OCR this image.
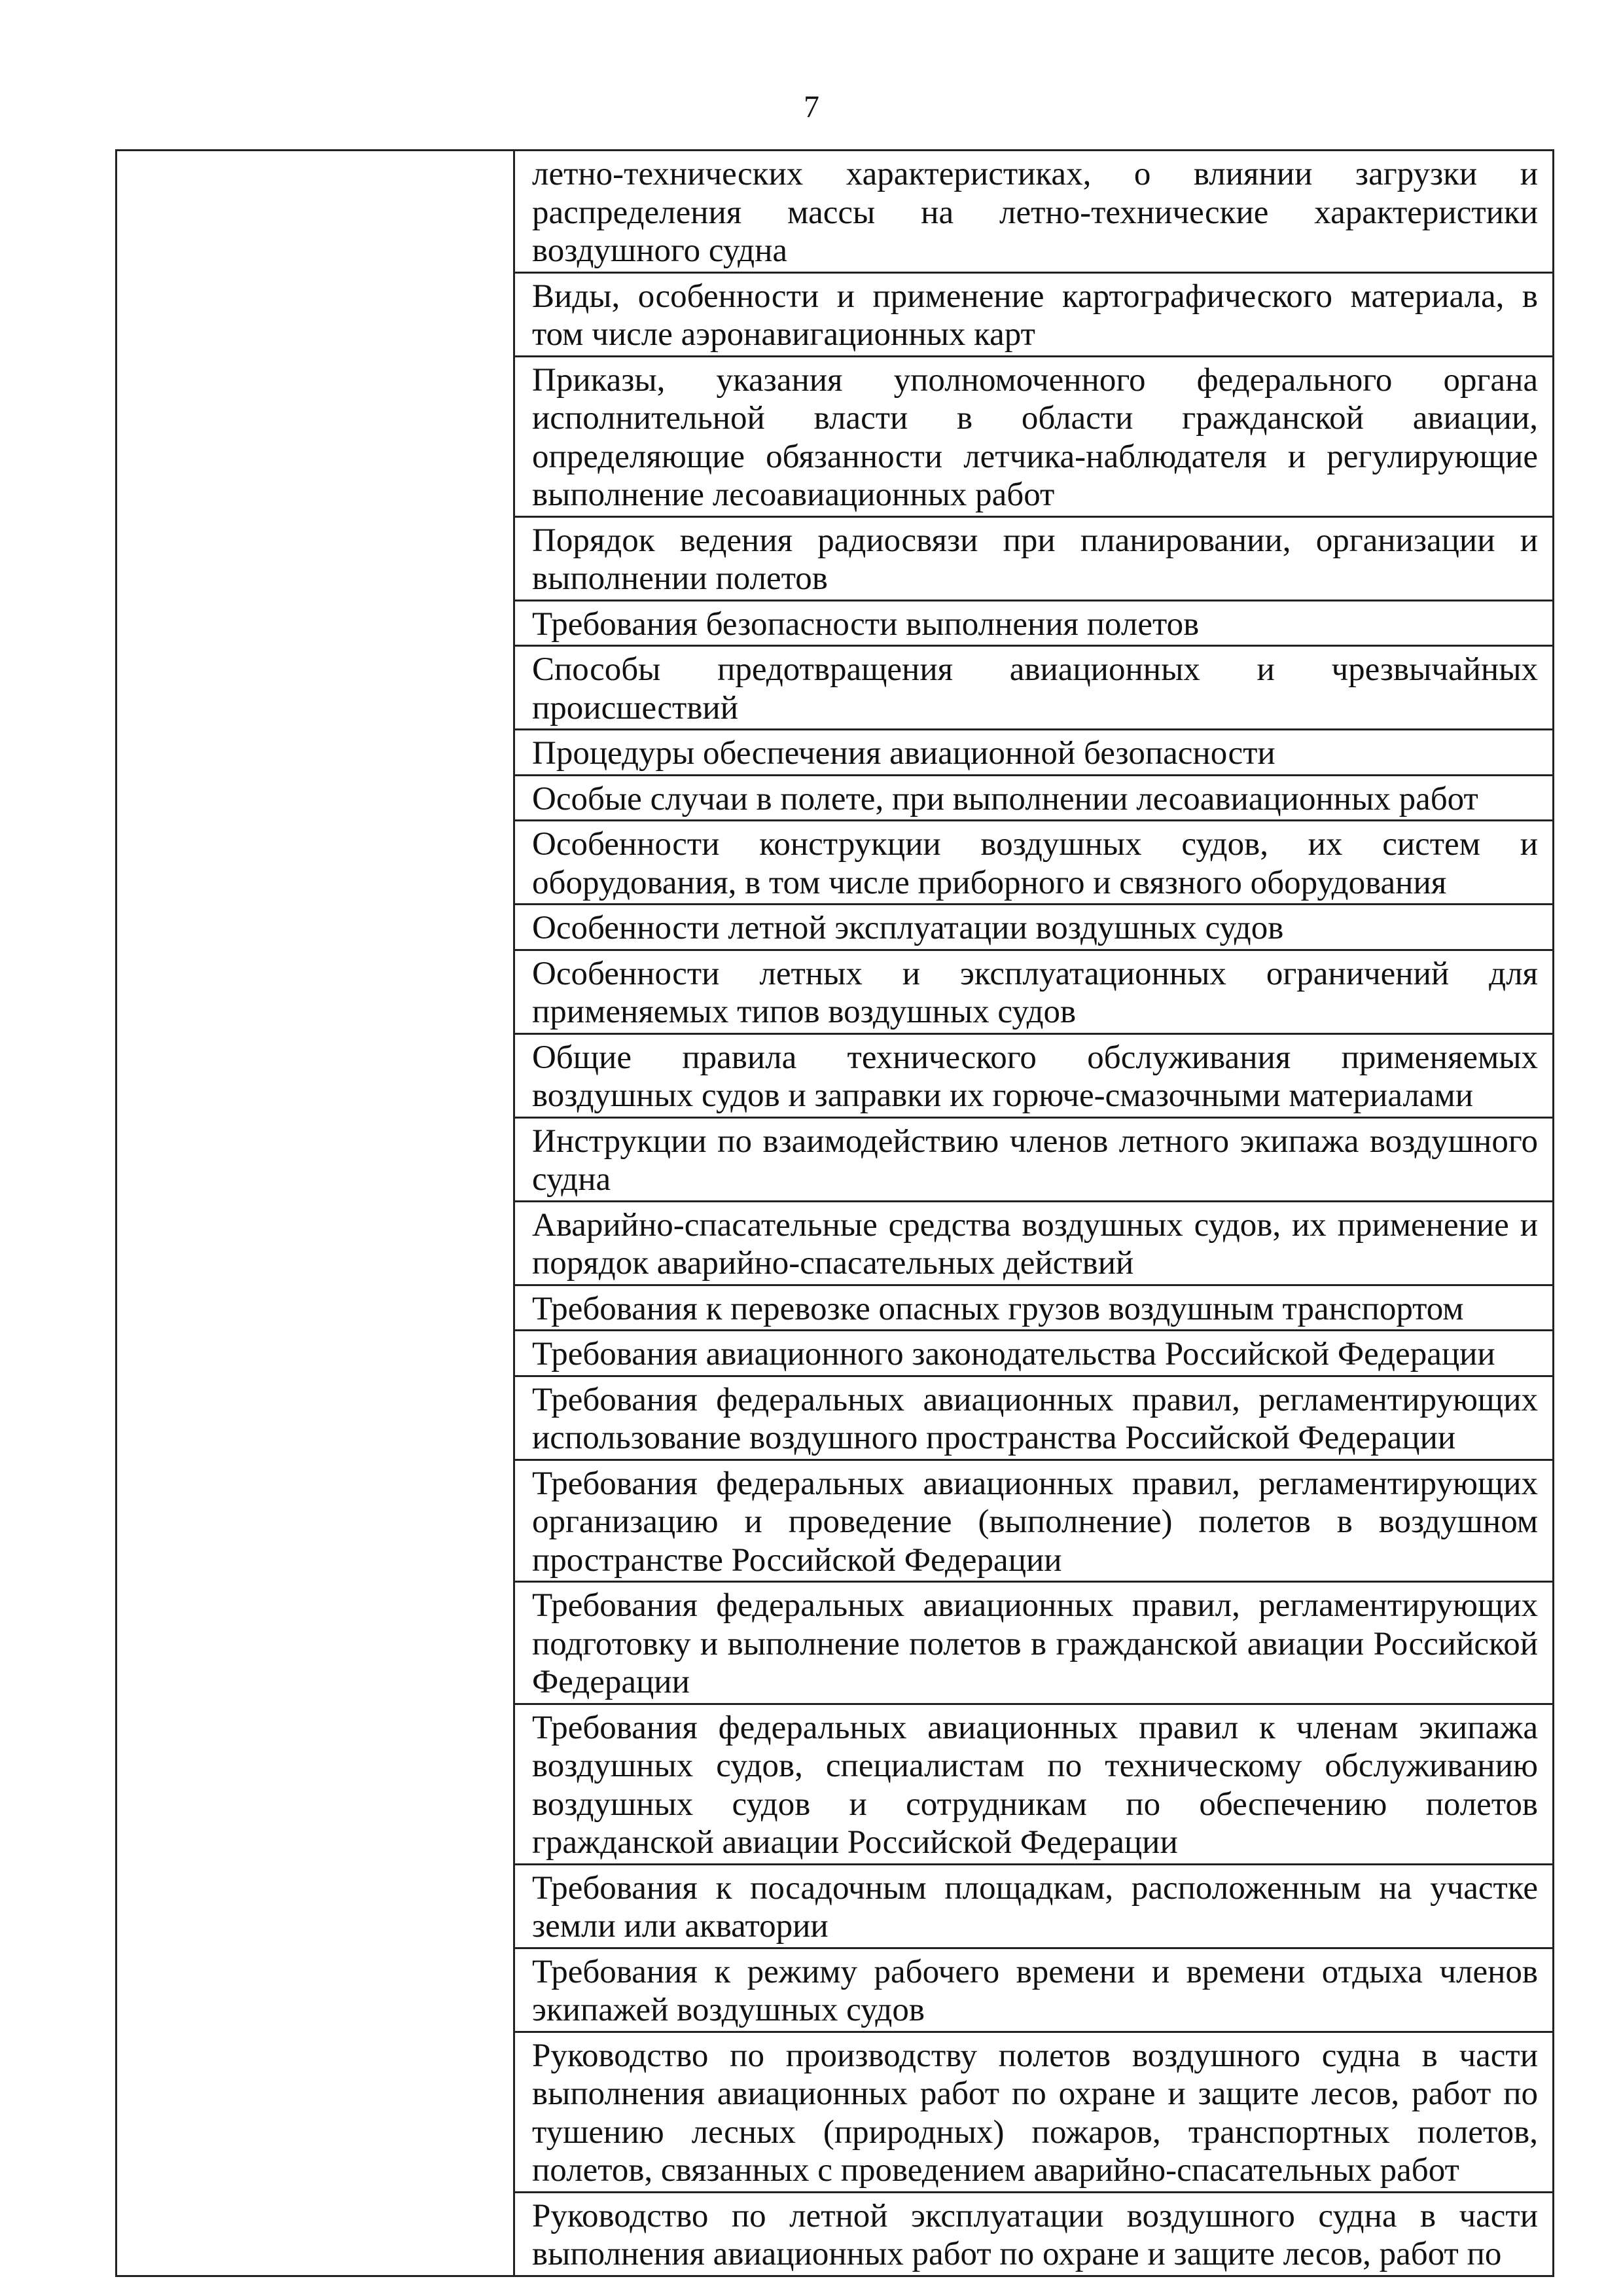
7

летно-технических характеристиках, о влиянии загрузки и распределения массы на летно-технические характеристики воздушного судна
Виды, особенности и применение картографического материала, в том числе аэронавигационных карт
Приказы, указания уполномоченного федерального органа исполнительной власти в области гражданской авиации, определяющие обязанности летчика-наблюдателя и регулирующие выполнение лесоавиационных работ
Порядок ведения радиосвязи при планировании, организации и выполнении полетов
Требования безопасности выполнения полетов
Способы предотвращения авиационных и чрезвычайных происшествий
Процедуры обеспечения авиационной безопасности
Особые случаи в полете, при выполнении лесоавиационных работ
Особенности конструкции воздушных судов, их систем и оборудования, в том числе приборного и связного оборудования
Особенности летной эксплуатации воздушных судов
Особенности летных и эксплуатационных ограничений для применяемых типов воздушных судов
Общие правила технического обслуживания применяемых воздушных судов и заправки их горюче-смазочными материалами
Инструкции по взаимодействию членов летного экипажа воздушного судна
Аварийно-спасательные средства воздушных судов, их применение и порядок аварийно-спасательных действий
Требования к перевозке опасных грузов воздушным транспортом
Требования авиационного законодательства Российской Федерации
Требования федеральных авиационных правил, регламентирующих использование воздушного пространства Российской Федерации
Требования федеральных авиационных правил, регламентирующих организацию и проведение (выполнение) полетов в воздушном пространстве Российской Федерации
Требования федеральных авиационных правил, регламентирующих подготовку и выполнение полетов в гражданской авиации Российской Федерации
Требования федеральных авиационных правил к членам экипажа воздушных судов, специалистам по техническому обслуживанию воздушных судов и сотрудникам по обеспечению полетов гражданской авиации Российской Федерации
Требования к посадочным площадкам, расположенным на участке земли или акватории
Требования к режиму рабочего времени и времени отдыха членов экипажей воздушных судов
Руководство по производству полетов воздушного судна в части выполнения авиационных работ по охране и защите лесов, работ по тушению лесных (природных) пожаров, транспортных полетов, полетов, связанных с проведением аварийно-спасательных работ
Руководство по летной эксплуатации воздушного судна в части выполнения авиационных работ по охране и защите лесов, работ по
